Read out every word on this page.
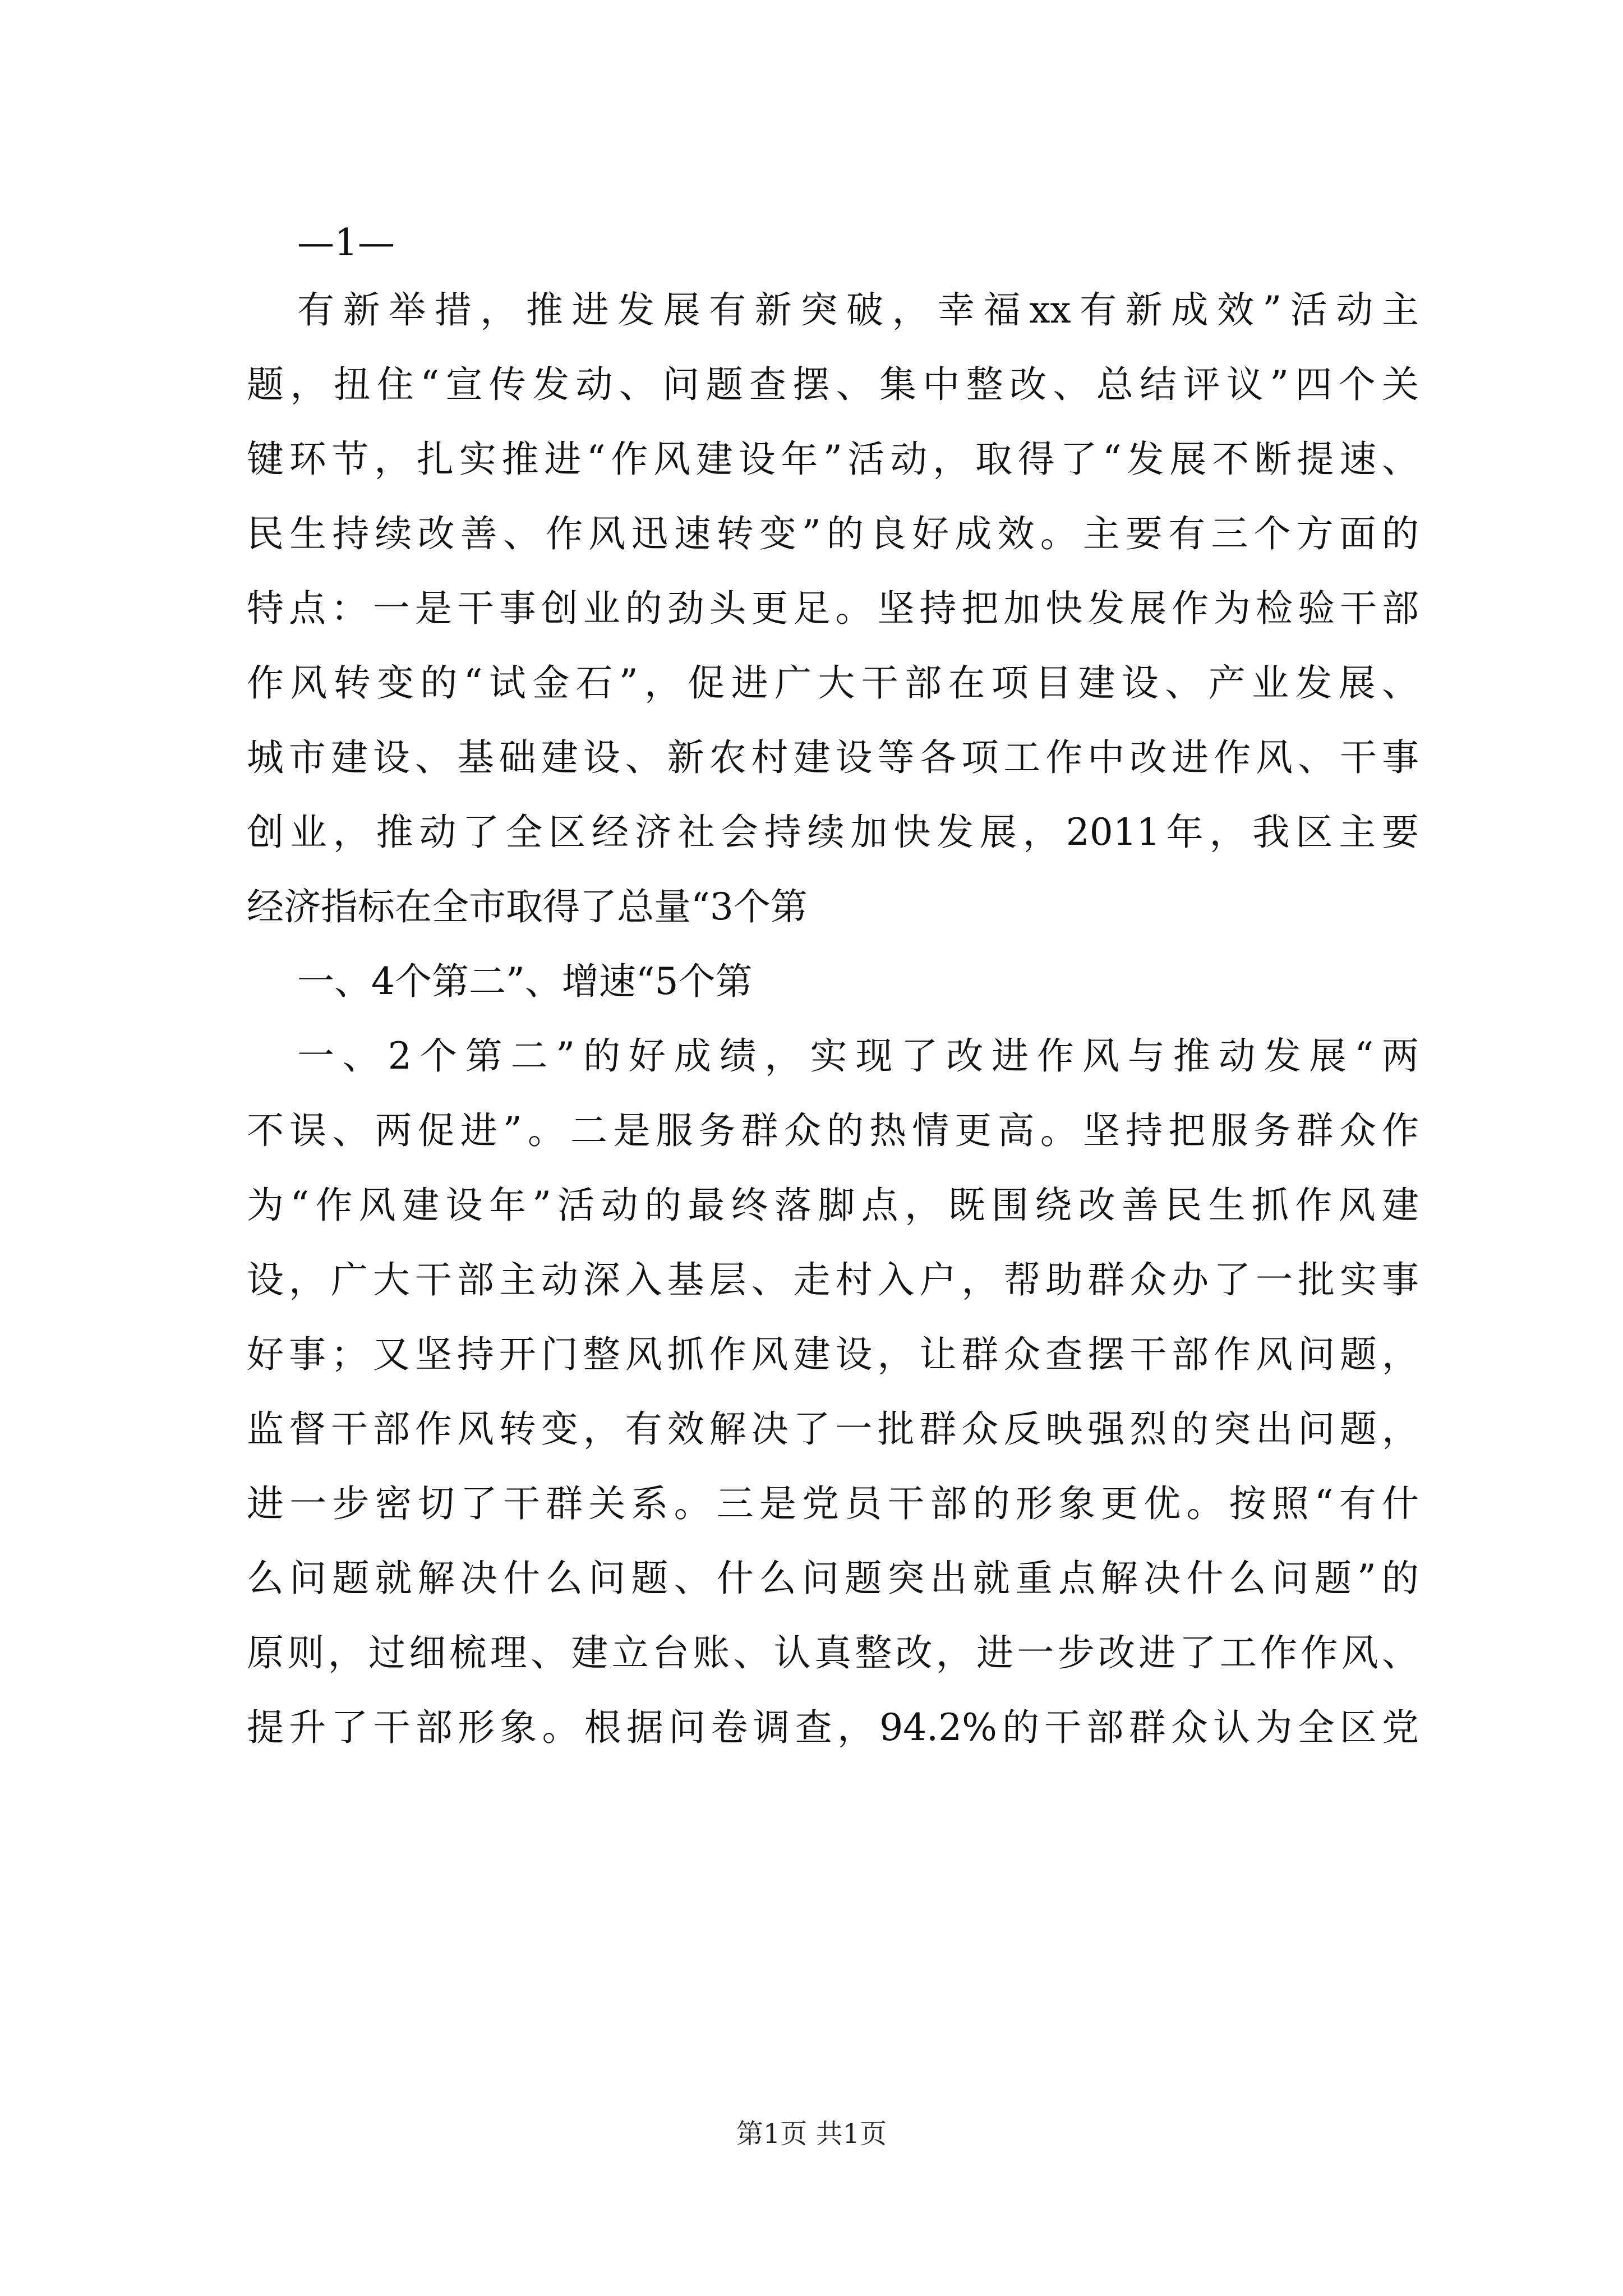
—1—
有新举措，推进发展有新突破，幸福xx有新成效”活动主
题，扭住“宣传发动、问题查摆、集中整改、总结评议”四个关
键环节，扎实推进“作风建设年”活动，取得了“发展不断提速、
民生持续改善、作风迅速转变”的良好成效。主要有三个方面的
特点：一是干事创业的劲头更足。坚持把加快发展作为检验干部
作风转变的“试金石”，促进广大干部在项目建设、产业发展、
城市建设、基础建设、新农村建设等各项工作中改进作风、干事
创业，推动了全区经济社会持续加快发展，2011年，我区主要
经济指标在全市取得了总量“3个第
一、4个第二”、增速“5个第
一、2个第二”的好成绩，实现了改进作风与推动发展“两
不误、两促进”。二是服务群众的热情更高。坚持把服务群众作
为“作风建设年”活动的最终落脚点，既围绕改善民生抓作风建
设，广大干部主动深入基层、走村入户，帮助群众办了一批实事
好事；又坚持开门整风抓作风建设，让群众查摆干部作风问题，
监督干部作风转变，有效解决了一批群众反映强烈的突出问题，
进一步密切了干群关系。三是党员干部的形象更优。按照“有什
么问题就解决什么问题、什么问题突出就重点解决什么问题”的
原则，过细梳理、建立台账、认真整改，进一步改进了工作作风、
提升了干部形象。根据问卷调查，94.2%的干部群众认为全区党
第1页 共1页
